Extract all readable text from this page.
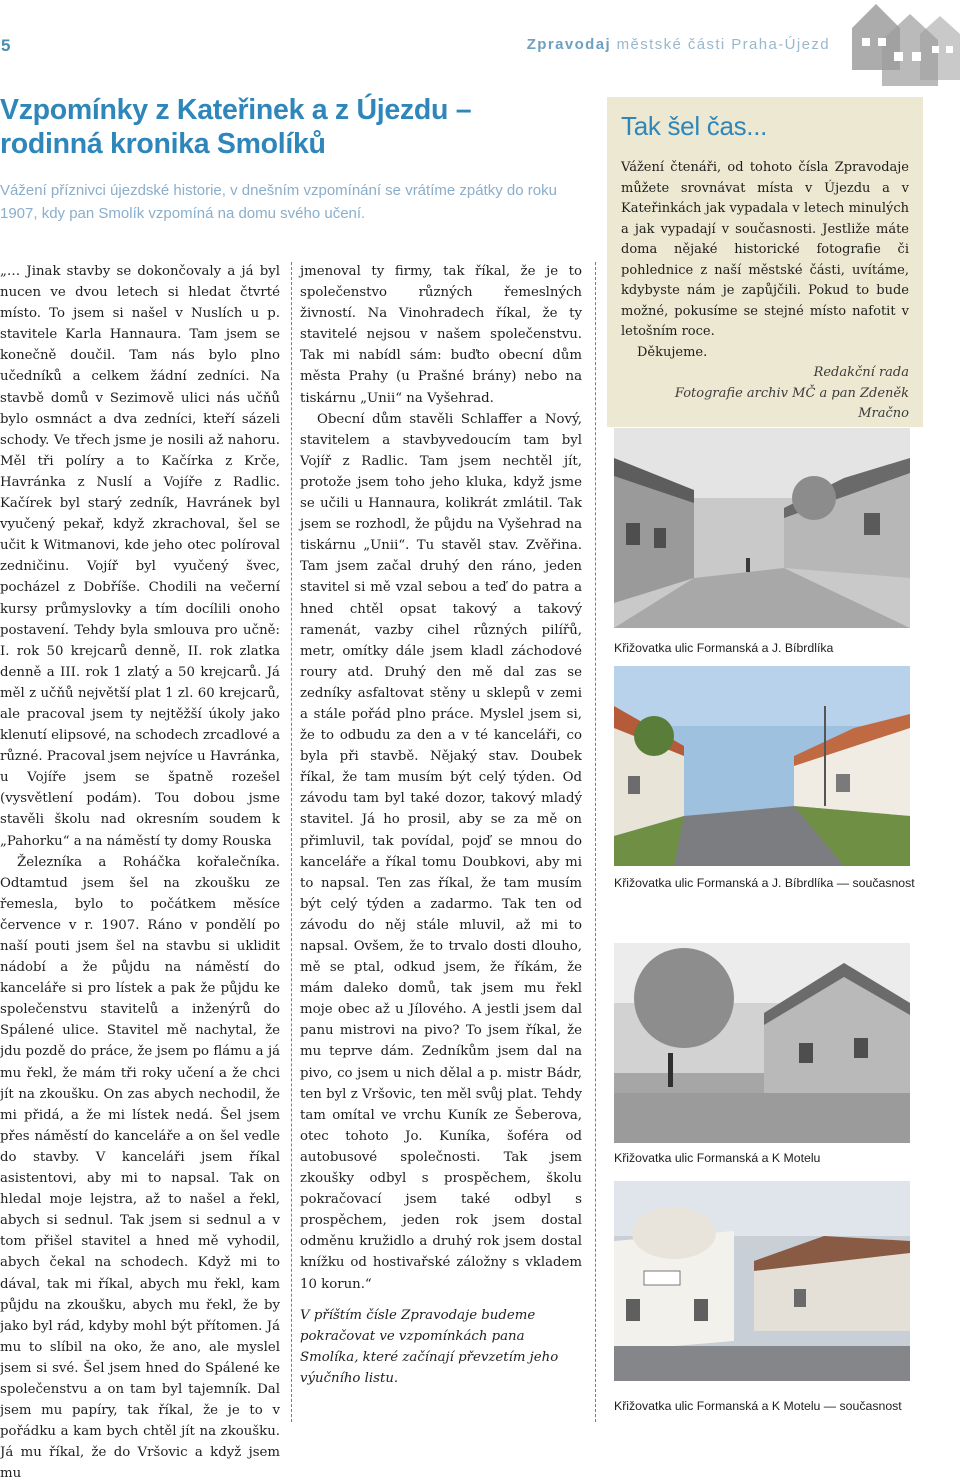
5	Zpravodaj městské části Praha-Újezd
Vzpomínky z Kateřinek a z Újezdu –
rodinná kronika Smolíků

Vážení příznivci újezdské historie, v dnešním vzpomínání se vrátíme zpátky do roku 1907, kdy pan Smolík vzpomíná na domu svého učení.

„… Jinak stavby se dokončovaly a já byl nucen ve dvou letech si hledat čtvrté místo. To jsem si našel v Nuslích u p. stavitele Karla Hannaura. Tam jsem se konečně doučil. Tam nás bylo plno učedníků a celkem žádní zedníci. Na stavbě domů v Sezimově ulici nás učňů bylo osmnáct a dva zedníci, kteří sázeli schody. Ve třech jsme je nosili až nahoru. Měl tři políry a to Kačírka z Krče, Havránka z Nuslí a Vojíře z Radlic. Kačírek byl starý zedník, Havránek byl vyučený pekař, když zkrachoval, šel se učit k Witmanovi, kde jeho otec políroval zedničinu. Vojíř byl vyučený švec, pocházel z Dobříše. Chodili na večerní kursy průmyslovky a tím docílili onoho postavení. Tehdy byla smlouva pro učně: I. rok 50 krejcarů denně, II. rok zlatka denně a III. rok 1 zlatý a 50 krejcarů. Já měl z učňů největší plat 1 zl. 60 krejcarů, ale pracoval jsem ty nejtěžší úkoly jako klenutí elipsové, na schodech zrcadlové a různé. Pracoval jsem nejvíce u Havránka, u Vojíře jsem se špatně rozešel (vysvětlení podám). Tou dobou jsme stavěli školu nad okresním soudem k „Pahorku“ a na náměstí ty domy Rouska

Železníka a Roháčka kořalečníka. Odtamtud jsem šel na zkoušku ze řemesla, bylo to počátkem měsíce července v r. 1907. Ráno v pondělí po naší pouti jsem šel na stavbu si uklidit nádobí a že půjdu na náměstí do kanceláře si pro lístek a pak že půjdu ke společenstvu stavitelů a inženýrů do Spálené ulice. Stavitel mě nachytal, že jdu pozdě do práce, že jsem po flámu a já mu řekl, že mám tři roky učení a že chci jít na zkoušku. On zas abych nechodil, že mi přidá, a že mi lístek nedá. Šel jsem přes náměstí do kanceláře a on šel vedle do stavby. V kanceláři jsem říkal asistentovi, aby mi to napsal. Tak on hledal moje lejstra, až to našel a řekl, abych si sednul. Tak jsem si sednul a v tom přišel stavitel a hned mě vyhodil, abych čekal na schodech. Když mi to dával, tak mi říkal, abych mu řekl, kam půjdu na zkoušku, abych mu řekl, že by jako byl rád, kdyby mohl být přítomen. Já mu to slíbil na oko, že ano, ale myslel jsem si své. Šel jsem hned do Spálené ke společenstvu a on tam byl tajemník. Dal jsem mu papíry, tak říkal, že je to v pořádku a kam bych chtěl jít na zkoušku. Já mu říkal, že do Vršovic a když jsem mu

jmenoval ty firmy, tak říkal, že je to společenstvo různých řemeslných živností. Na Vinohradech říkal, že ty stavitelé nejsou v našem společenstvu. Tak mi nabídl sám: buďto obecní dům města Prahy (u Prašné brány) nebo na tiskárnu „Unii“ na Vyšehrad.

Obecní dům stavěli Schlaffer a Nový, stavitelem a stavbyvedoucím tam byl Vojíř z Radlic. Tam jsem nechtěl jít, protože jsem toho jeho kluka, když jsme se učili u Hannaura, kolikrát zmlátil. Tak jsem se rozhodl, že půjdu na Vyšehrad na tiskárnu „Unii“. Tu stavěl stav. Zvěřina. Tam jsem začal druhý den ráno, jeden stavitel si mě vzal sebou a teď do patra a hned chtěl opsat takový a takový ramenát, vazby cihel různých pilířů, metr, omítky dále jsem kladl záchodové roury atd. Druhý den mě dal zas se zedníky asfaltovat stěny u sklepů v zemi a stále pořád plno práce. Myslel jsem si, že to odbudu za den a v té kanceláři, co byla při stavbě. Nějaký stav. Doubek říkal, že tam musím být celý týden. Od závodu tam byl také dozor, takový mladý stavitel. Já ho prosil, aby se za mě on přimluvil, tak povídal, pojď se mnou do kanceláře a říkal tomu Doubkovi, aby mi to napsal. Ten zas říkal, že tam musím být celý týden a zadarmo. Tak ten od závodu do něj stále mluvil, až mi to napsal. Ovšem, že to trvalo dosti dlouho, mě se ptal, odkud jsem, že říkám, že mám daleko domů, tak jsem mu řekl moje obec až u Jílového. A jestli jsem dal panu mistrovi na pivo? To jsem říkal, že mu teprve dám. Zedníkům jsem dal na pivo, co jsem u nich dělal a p. mistr Bádr, ten byl z Vršovic, ten měl svůj plat. Tehdy tam omítal ve vrchu Kuník ze Šeberova, otec tohoto Jo. Kuníka, šoféra od autobusové společnosti. Tak jsem zkoušky odbyl s prospěchem, školu pokračovací jsem také odbyl s prospěchem, jeden rok jsem dostal odměnu kružidlo a druhý rok jsem dostal knížku od hostivařské záložny s vkladem 10 korun.“

V příštím čísle Zpravodaje budeme pokračovat ve vzpomínkách pana Smolíka, které začínají převzetím jeho výučního listu.

Tak šel čas...

Vážení čtenáři, od tohoto čísla Zpravodaje můžete srovnávat místa v Újezdu a v Kateřinkách jak vypadala v letech minulých a jak vypadají v současnosti. Jestliže máte doma nějaké historické fotografie či pohlednice z naší městské části, uvítáme, kdybyste nám je zapůjčili. Pokud to bude možné, pokusíme se stejné místo nafotit v letošním roce.

Děkujeme.

Redakční rada

Fotografie archiv MČ a pan Zdeněk Mračno

Křižovatka ulic Formanská a J. Bíbrdlíka
Křižovatka ulic Formanská a J. Bíbrdlíka — současnost
Křižovatka ulic Formanská a K Motelu
Křižovatka ulic Formanská a K Motelu — současnost
